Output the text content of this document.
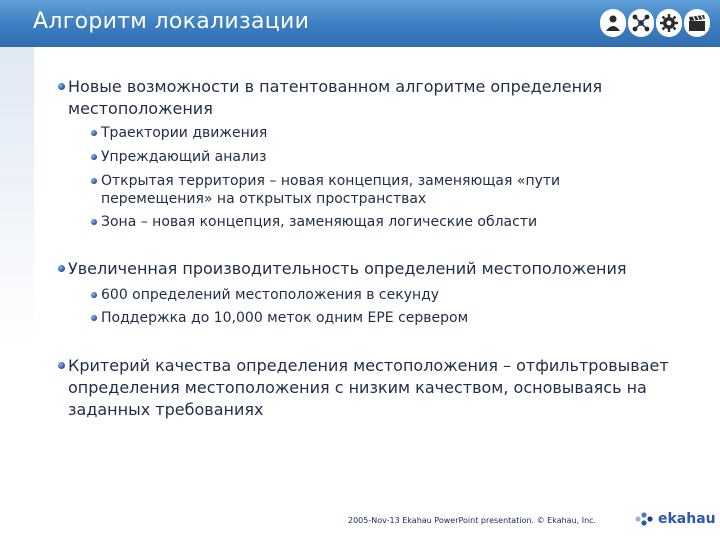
Алгоритм локализации
Новые возможности в патентованном алгоритме определения
местоположения
Траектории движения
Упреждающий анализ
Открытая территория – новая концепция, заменяющая «пути
перемещения» на открытых пространствах
Зона – новая концепция, заменяющая логические области
Увеличенная производительность определений местоположения
600 определений местоположения в секунду
Поддержка до 10,000 меток одним EPE сервером
Критерий качества определения местоположения – отфильтровывает
определения местоположения с низким качеством, основываясь на
заданных требованиях
2005-Nov-13 Ekahau PowerPoint presentation. © Ekahau, Inc.	ekahau
